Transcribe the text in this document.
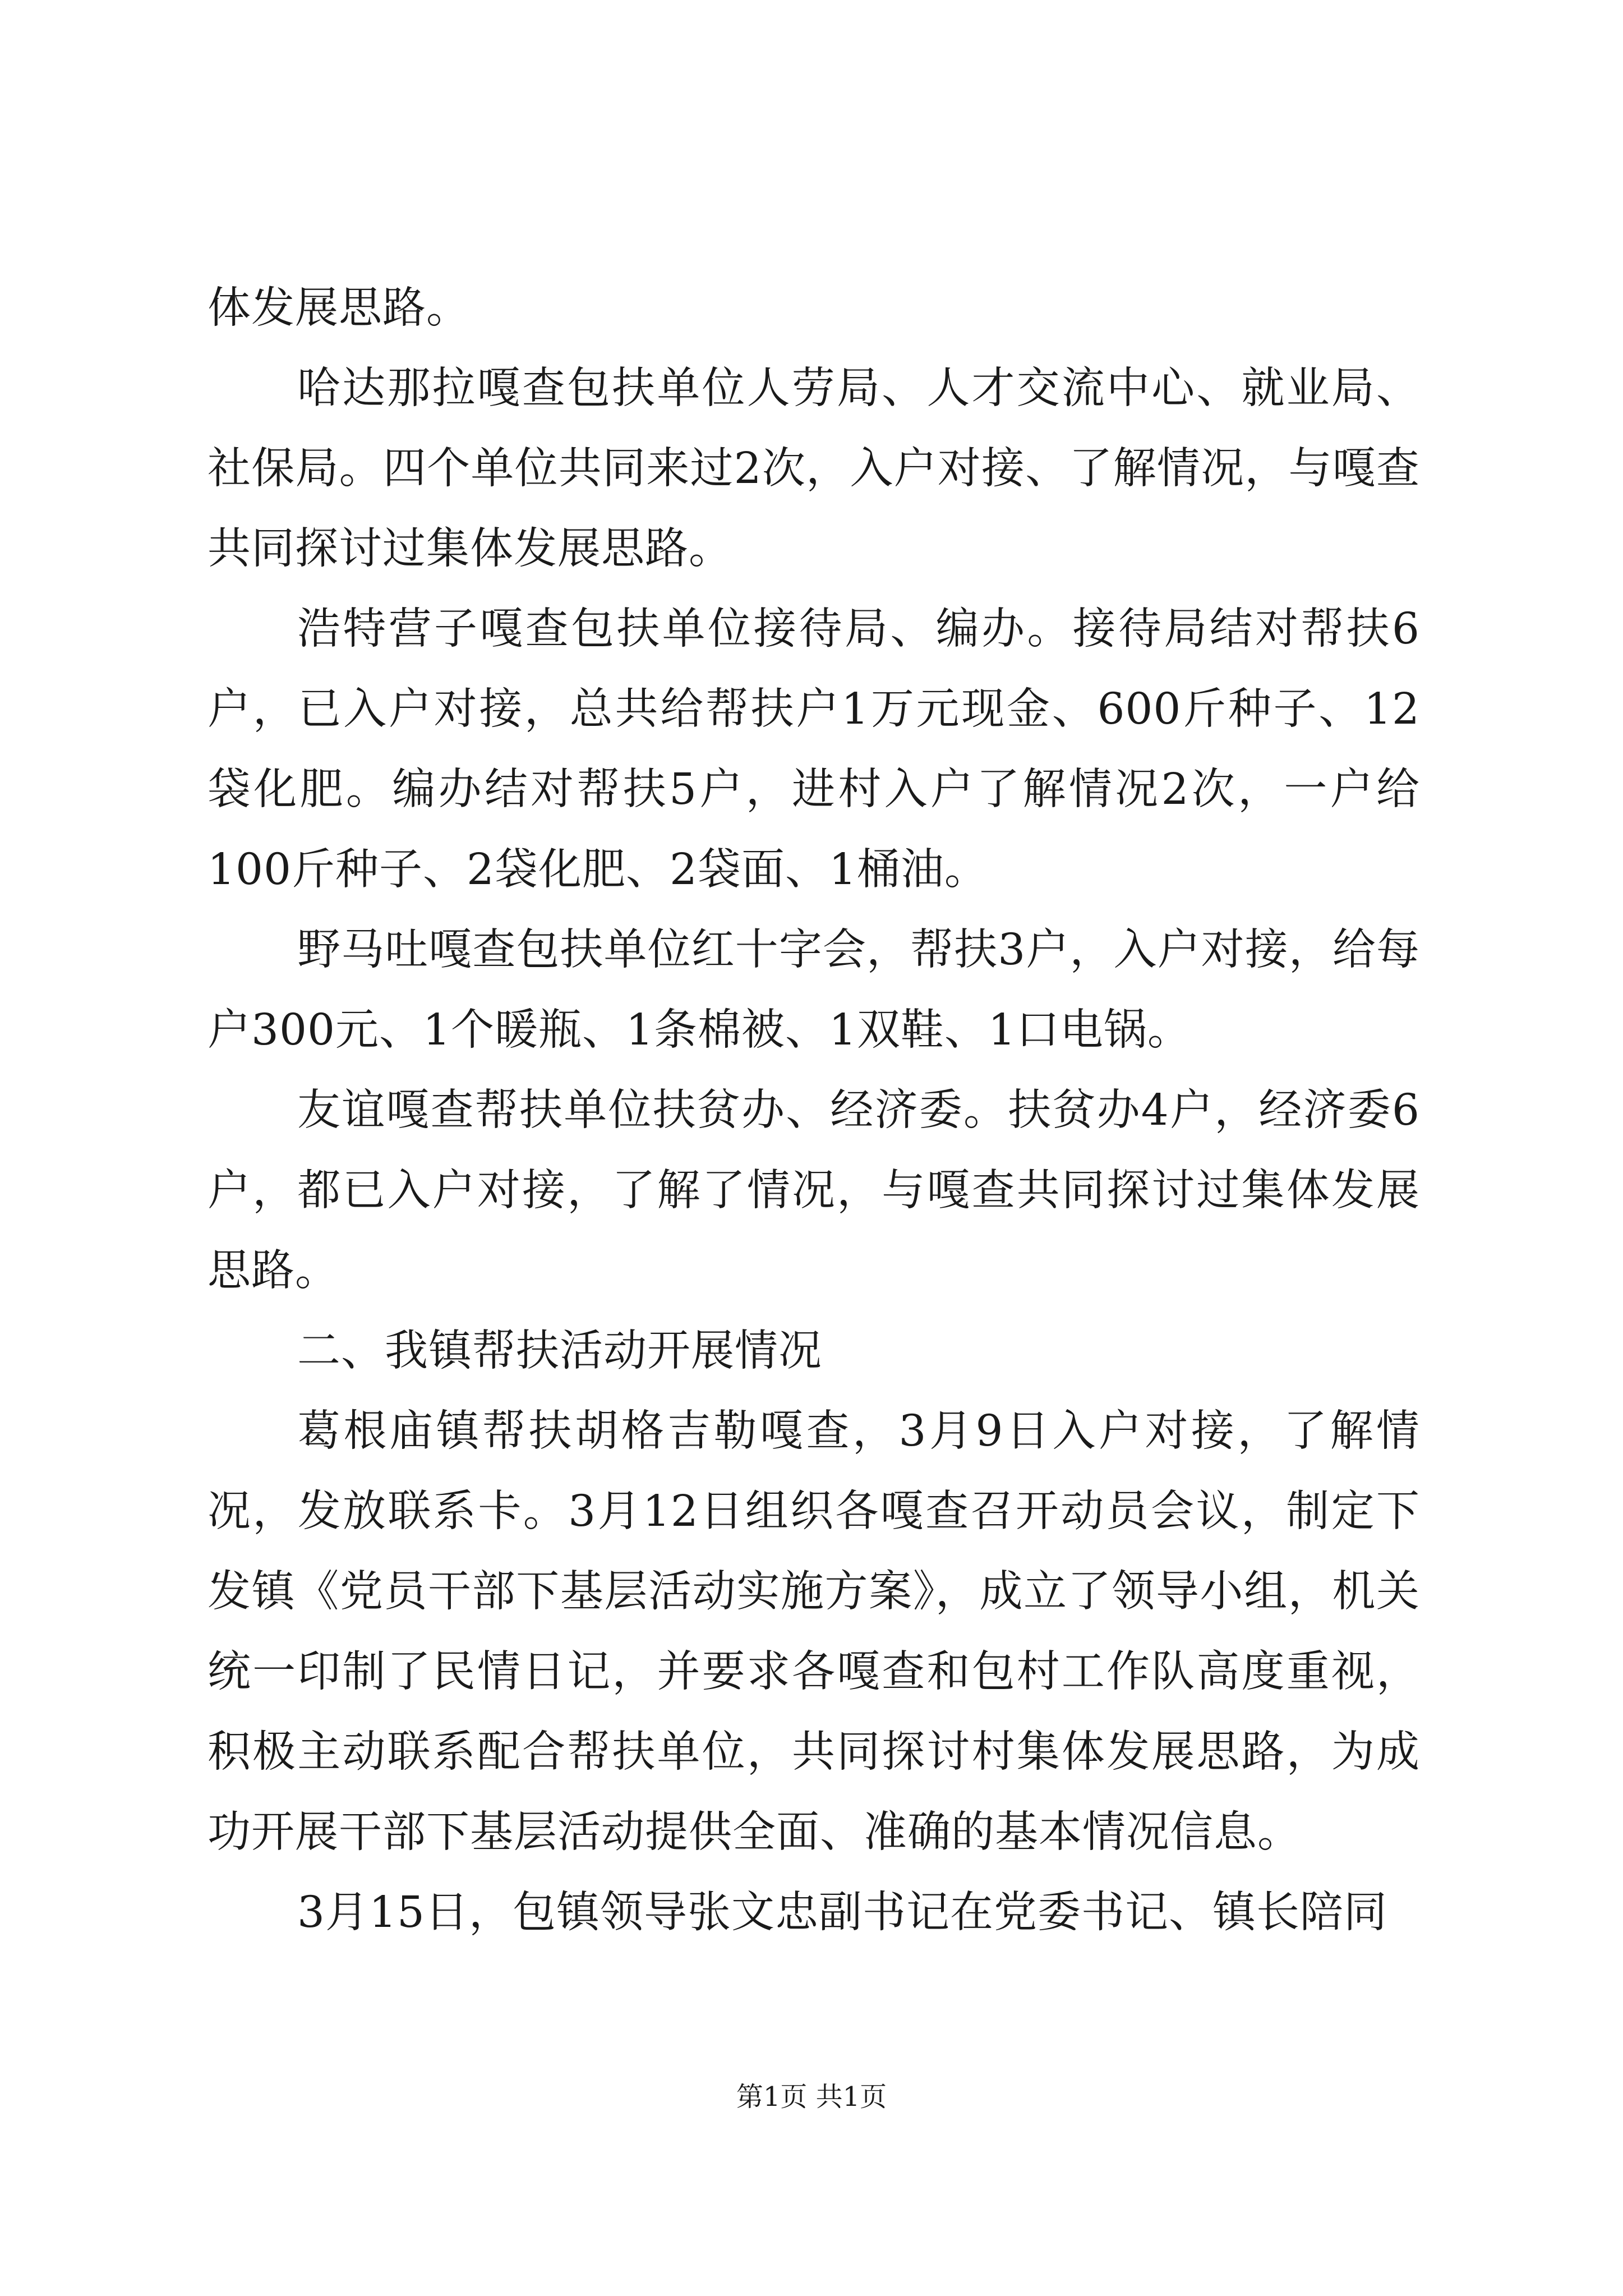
体发展思路。

哈达那拉嘎查包扶单位人劳局、人才交流中心、就业局、社保局。四个单位共同来过2次，入户对接、了解情况，与嘎查共同探讨过集体发展思路。

浩特营子嘎查包扶单位接待局、编办。接待局结对帮扶6户，已入户对接，总共给帮扶户1万元现金、600斤种子、12袋化肥。编办结对帮扶5户，进村入户了解情况2次，一户给100斤种子、2袋化肥、2袋面、1桶油。

野马吐嘎查包扶单位红十字会，帮扶3户，入户对接，给每户300元、1个暖瓶、1条棉被、1双鞋、1口电锅。

友谊嘎查帮扶单位扶贫办、经济委。扶贫办4户，经济委6户，都已入户对接，了解了情况，与嘎查共同探讨过集体发展思路。

二、我镇帮扶活动开展情况

葛根庙镇帮扶胡格吉勒嘎查，3月9日入户对接，了解情况，发放联系卡。3月12日组织各嘎查召开动员会议，制定下发镇《党员干部下基层活动实施方案》，成立了领导小组，机关统一印制了民情日记，并要求各嘎查和包村工作队高度重视，积极主动联系配合帮扶单位，共同探讨村集体发展思路，为成功开展干部下基层活动提供全面、准确的基本情况信息。

3月15日，包镇领导张文忠副书记在党委书记、镇长陪同

第1页 共1页
